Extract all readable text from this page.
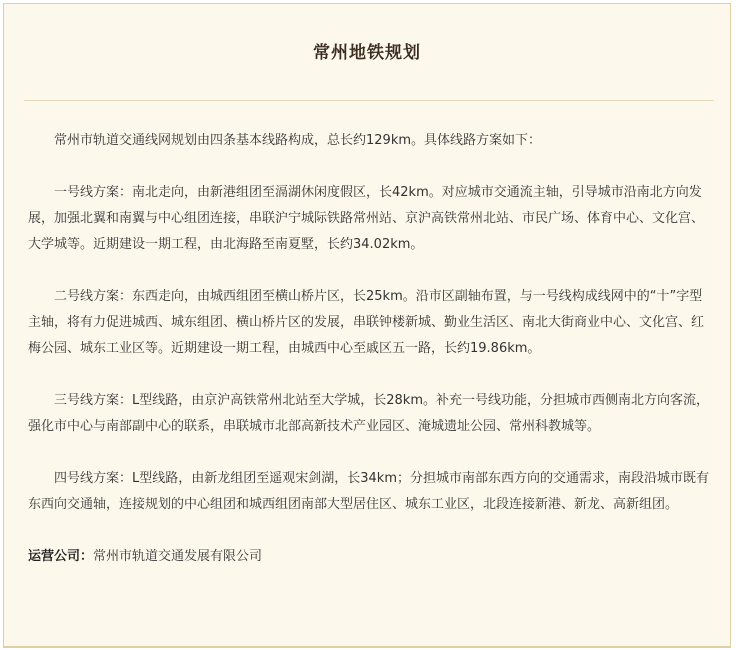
常州地铁规划

常州市轨道交通线网规划由四条基本线路构成，总长约129km。具体线路方案如下：

一号线方案：南北走向，由新港组团至滆湖休闲度假区，长42km。对应城市交通流主轴，引导城市沿南北方向发展，加强北翼和南翼与中心组团连接，串联沪宁城际铁路常州站、京沪高铁常州北站、市民广场、体育中心、文化宫、大学城等。近期建设一期工程，由北海路至南夏墅，长约34.02km。

二号线方案：东西走向，由城西组团至横山桥片区，长25km。沿市区副轴布置，与一号线构成线网中的“十”字型主轴，将有力促进城西、城东组团、横山桥片区的发展，串联钟楼新城、勤业生活区、南北大街商业中心、文化宫、红梅公园、城东工业区等。近期建设一期工程，由城西中心至戚区五一路，长约19.86km。

三号线方案：L型线路，由京沪高铁常州北站至大学城，长28km。补充一号线功能，分担城市西侧南北方向客流，强化市中心与南部副中心的联系，串联城市北部高新技术产业园区、淹城遗址公园、常州科教城等。

四号线方案：L型线路，由新龙组团至遥观宋剑湖，长34km；分担城市南部东西方向的交通需求，南段沿城市既有东西向交通轴，连接规划的中心组团和城西组团南部大型居住区、城东工业区，北段连接新港、新龙、高新组团。

运营公司：常州市轨道交通发展有限公司
